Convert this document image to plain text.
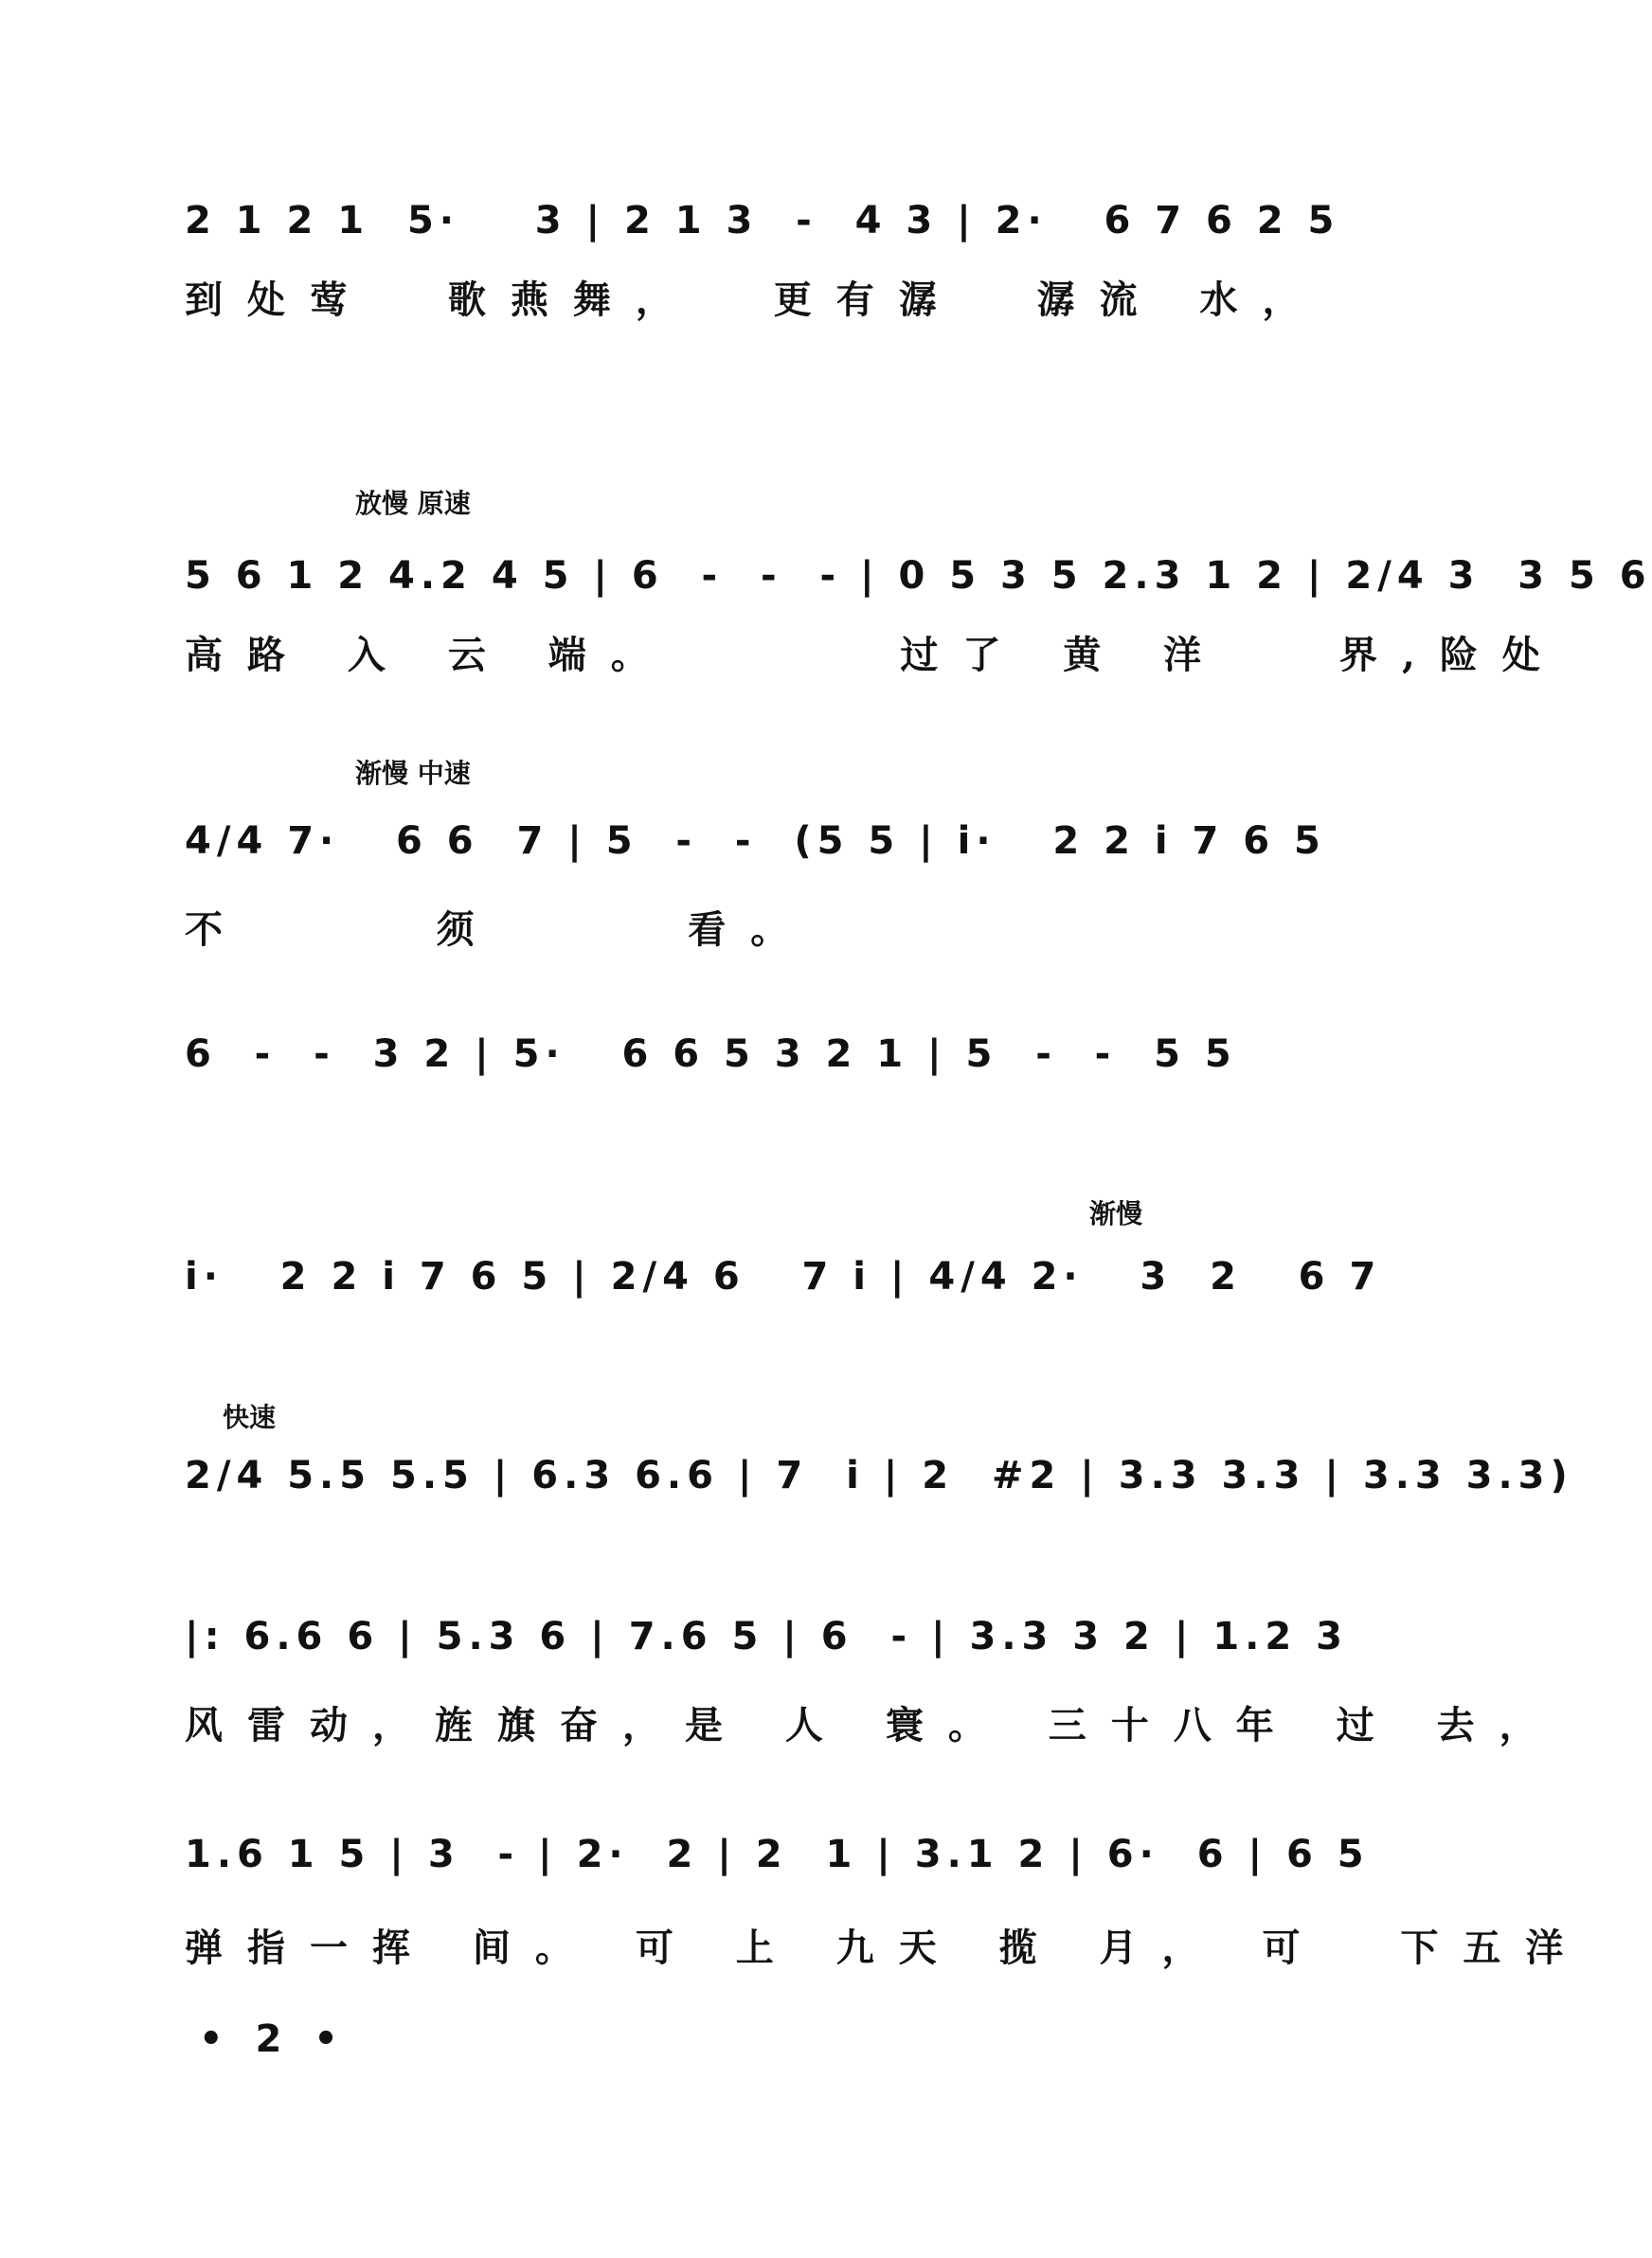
2 1 2 1  5·    3 | 2 1 3  -  4 3 | 2·   6 7 6 2 5
到处莺  歌燕舞，  更有潺  潺流 水，
放慢 原速
5 6 1 2 4.2 4 5 | 6  -  -  - | 0 5 3 5 2.3 1 2 | 2/4 3  3 5 6
高路 入 云 端。      过了 黄 洋   界,险处
渐慢 中速
4/4 7·   6 6  7 | 5  -  -  (5 5 | i·   2 2 i 7 6 5
不     须     看。
6  -  -  3 2 | 5·   6 6 5 3 2 1 | 5  -  -  5 5
渐慢
i·   2 2 i 7 6 5 | 2/4 6   7 i | 4/4 2·   3  2   6 7
快速
2/4 5.5 5.5 | 6.3 6.6 | 7  i | 2  #2 | 3.3 3.3 | 3.3 3.3)
|: 6.6 6 | 5.3 6 | 7.6 5 | 6  - | 3.3 3 2 | 1.2 3
风雷动，旌旗奋，是 人 寰。 三十八年 过 去，
1.6 1 5 | 3  - | 2·  2 | 2  1 | 3.1 2 | 6·  6 | 6 5
弹指一挥 间。 可 上 九天 揽 月， 可  下五洋
• 2 •
